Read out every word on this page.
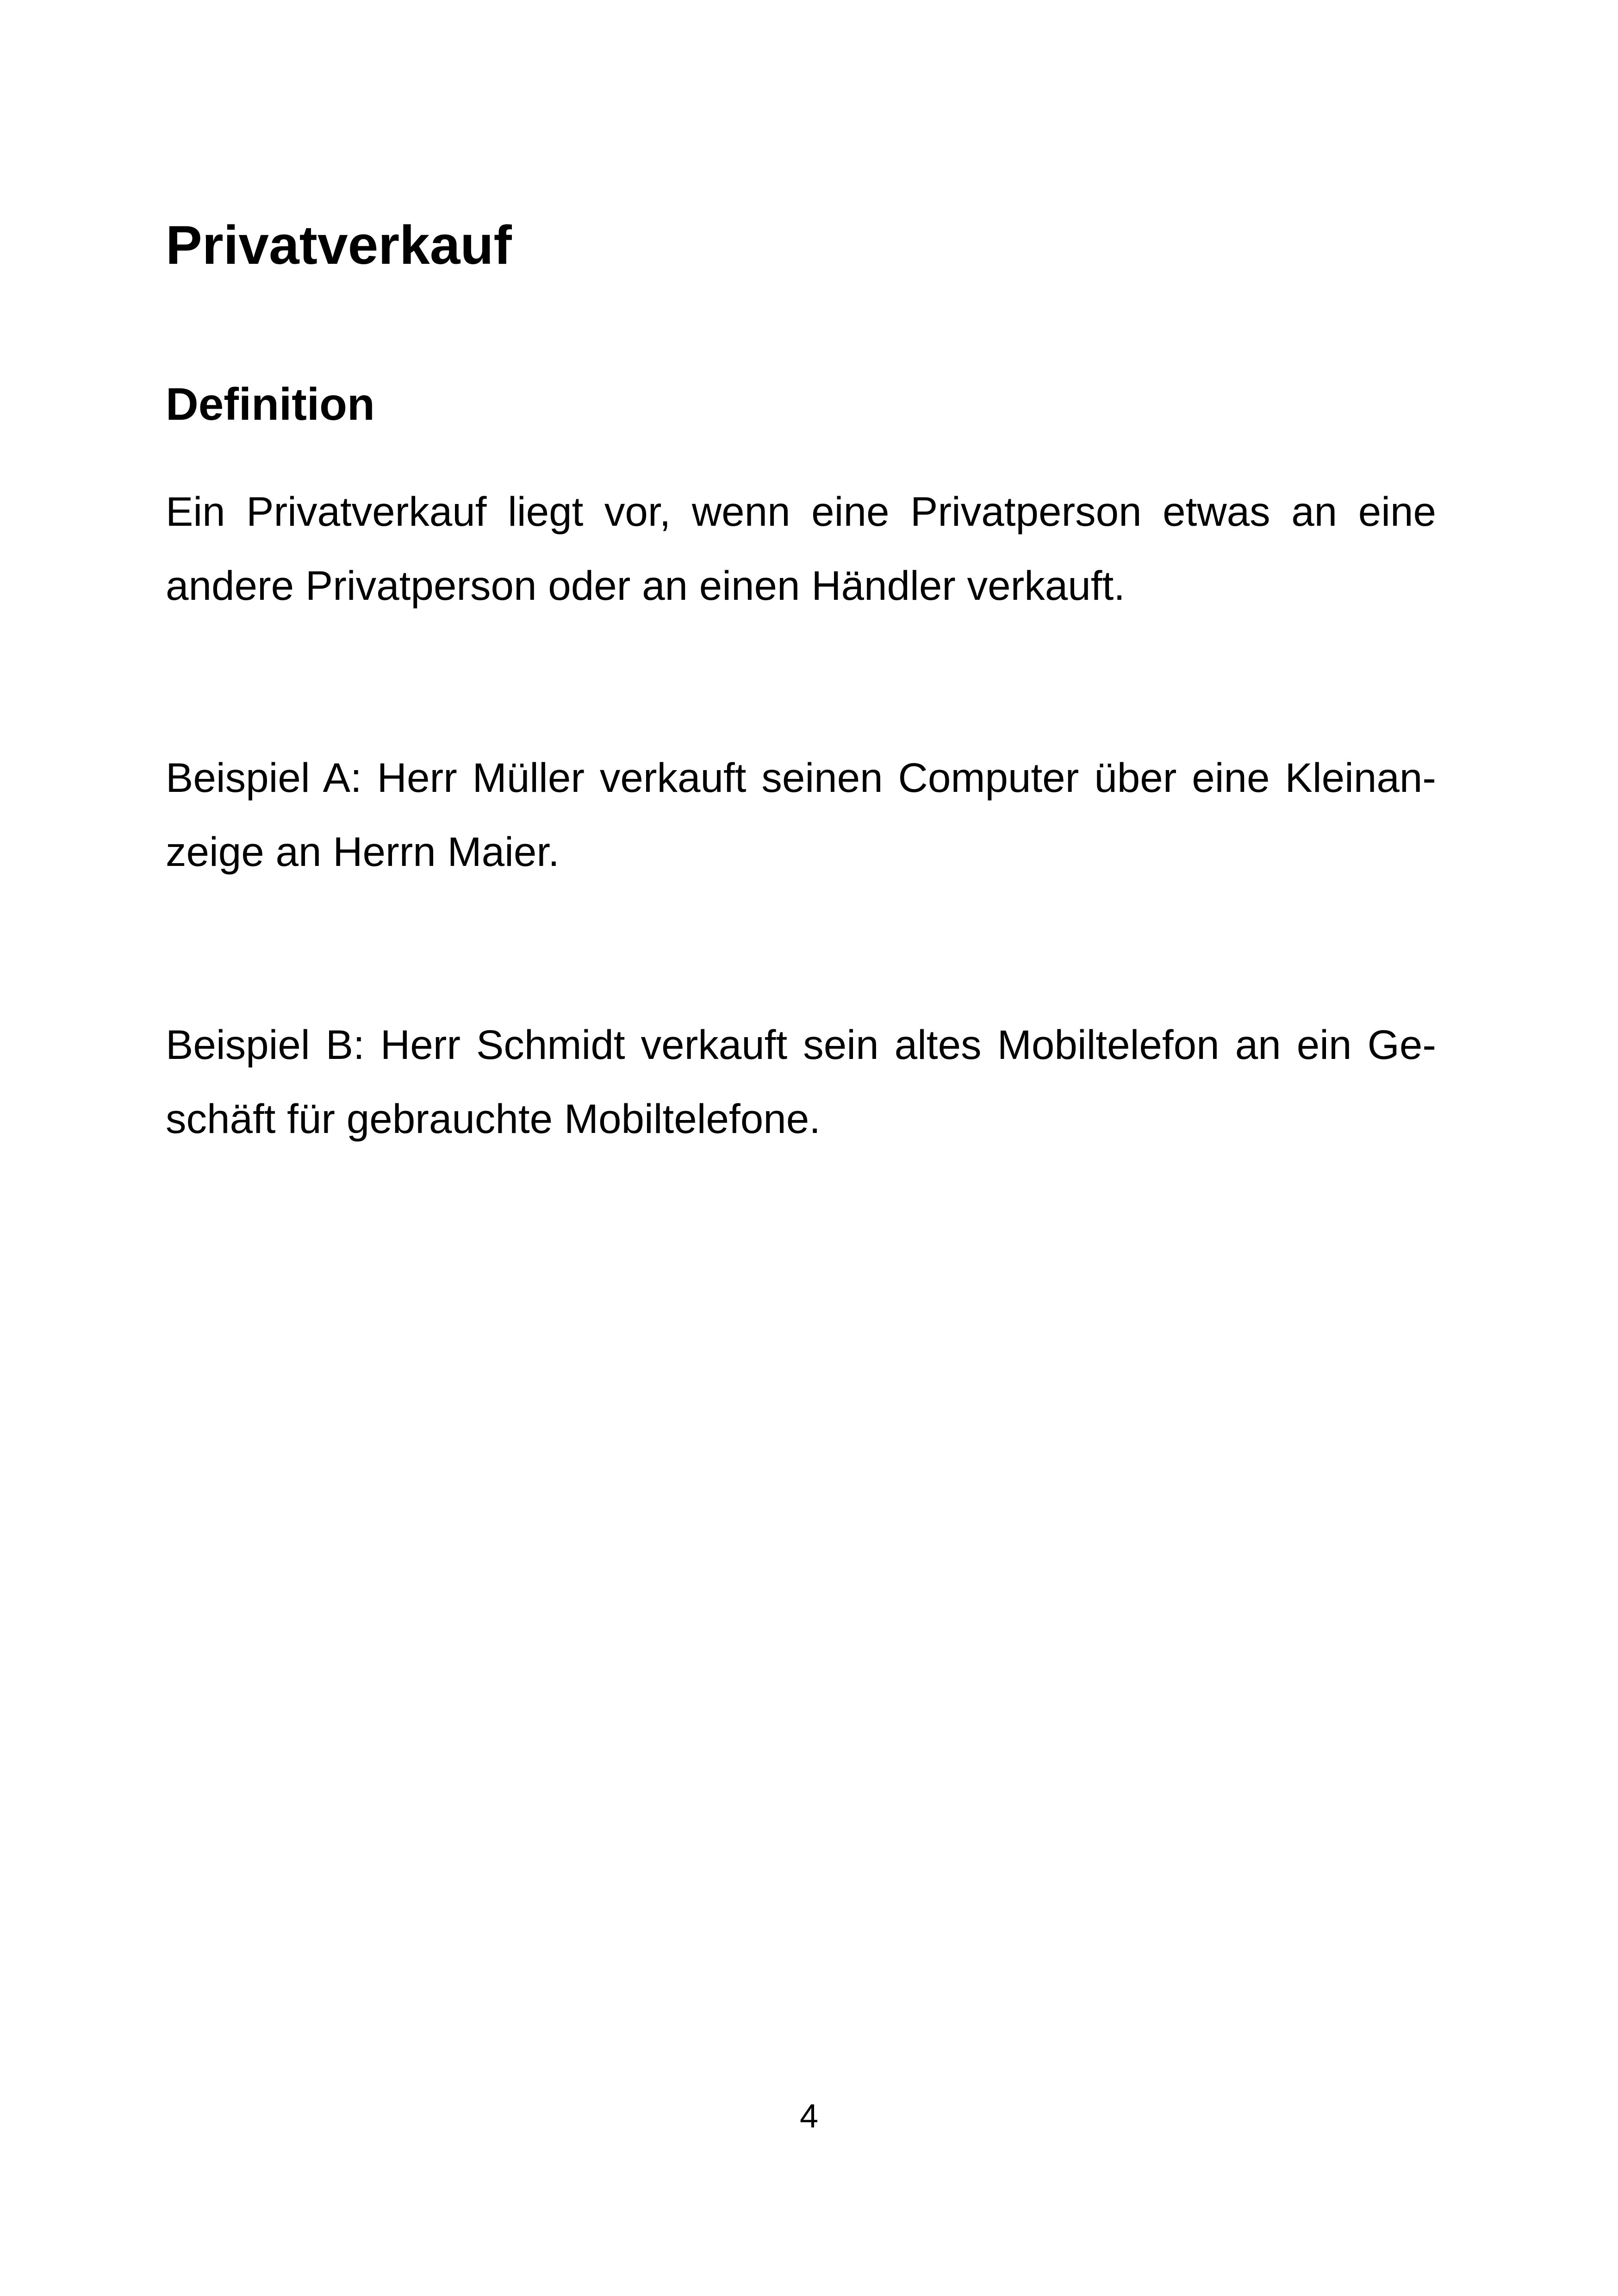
Privatverkauf
Definition

Ein Privatverkauf liegt vor, wenn eine Privatperson etwas an eine
andere Privatperson oder an einen Händler verkauft.

Beispiel A: Herr Müller verkauft seinen Computer über eine Kleinan-
zeige an Herrn Maier.

Beispiel B: Herr Schmidt verkauft sein altes Mobiltelefon an ein Ge-
schäft für gebrauchte Mobiltelefone.

4
